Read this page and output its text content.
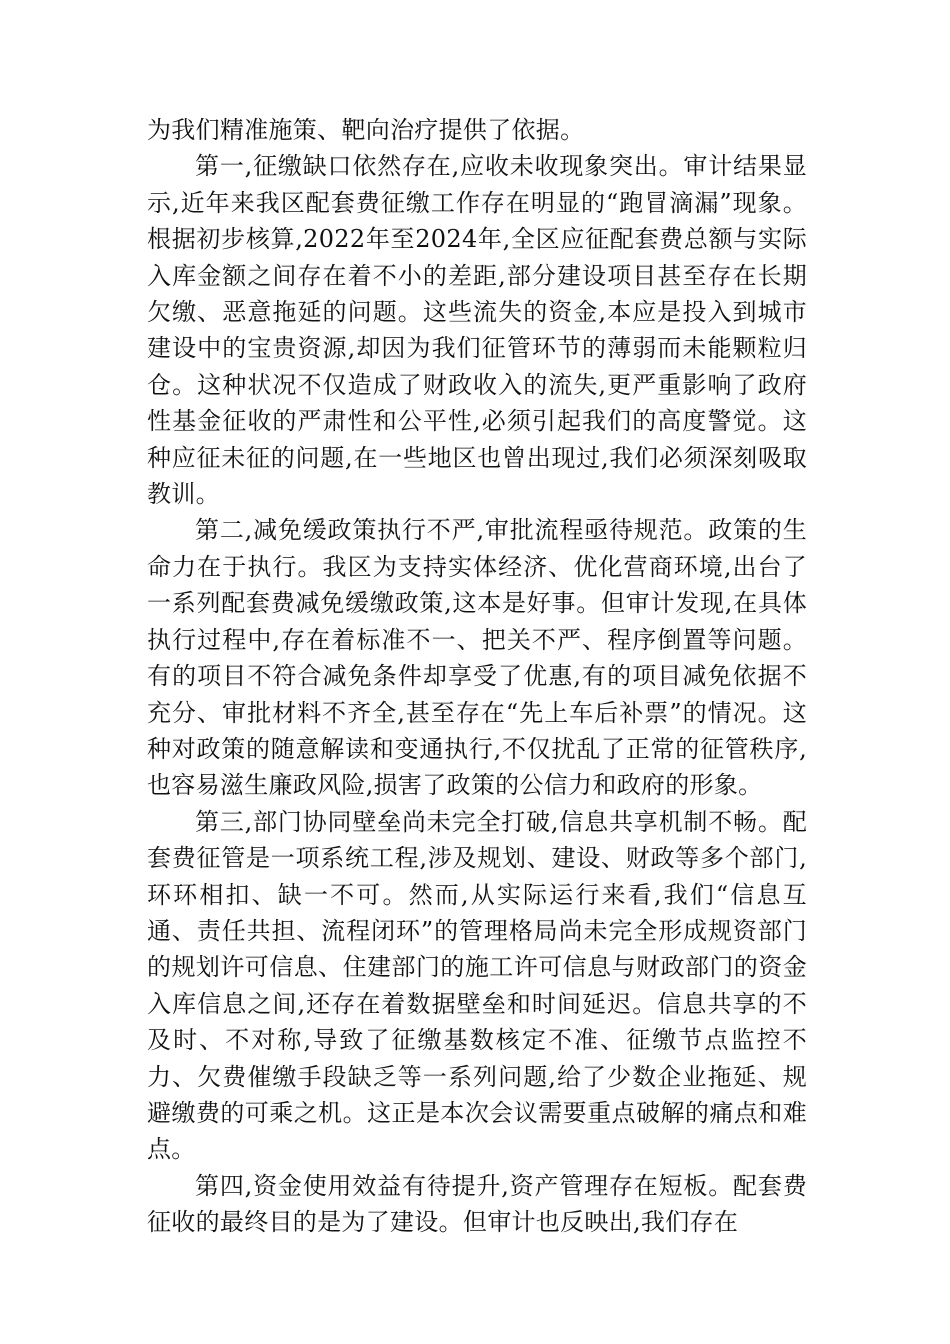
为我们精准施策、靶向治疗提供了依据。

第一,征缴缺口依然存在,应收未收现象突出。审计结果显示,近年来我区配套费征缴工作存在明显的“跑冒滴漏”现象。根据初步核算,2022年至2024年,全区应征配套费总额与实际入库金额之间存在着不小的差距,部分建设项目甚至存在长期欠缴、恶意拖延的问题。这些流失的资金,本应是投入到城市建设中的宝贵资源,却因为我们征管环节的薄弱而未能颗粒归仓。这种状况不仅造成了财政收入的流失,更严重影响了政府性基金征收的严肃性和公平性,必须引起我们的高度警觉。这种应征未征的问题,在一些地区也曾出现过,我们必须深刻吸取教训。

第二,减免缓政策执行不严,审批流程亟待规范。政策的生命力在于执行。我区为支持实体经济、优化营商环境,出台了一系列配套费减免缓缴政策,这本是好事。但审计发现,在具体执行过程中,存在着标准不一、把关不严、程序倒置等问题。有的项目不符合减免条件却享受了优惠,有的项目减免依据不充分、审批材料不齐全,甚至存在“先上车后补票”的情况。这种对政策的随意解读和变通执行,不仅扰乱了正常的征管秩序,也容易滋生廉政风险,损害了政策的公信力和政府的形象。

第三,部门协同壁垒尚未完全打破,信息共享机制不畅。配套费征管是一项系统工程,涉及规划、建设、财政等多个部门,环环相扣、缺一不可。然而,从实际运行来看,我们“信息互通、责任共担、流程闭环”的管理格局尚未完全形成规资部门的规划许可信息、住建部门的施工许可信息与财政部门的资金入库信息之间,还存在着数据壁垒和时间延迟。信息共享的不及时、不对称,导致了征缴基数核定不准、征缴节点监控不力、欠费催缴手段缺乏等一系列问题,给了少数企业拖延、规避缴费的可乘之机。这正是本次会议需要重点破解的痛点和难点。

第四,资金使用效益有待提升,资产管理存在短板。配套费征收的最终目的是为了建设。但审计也反映出,我们存在
